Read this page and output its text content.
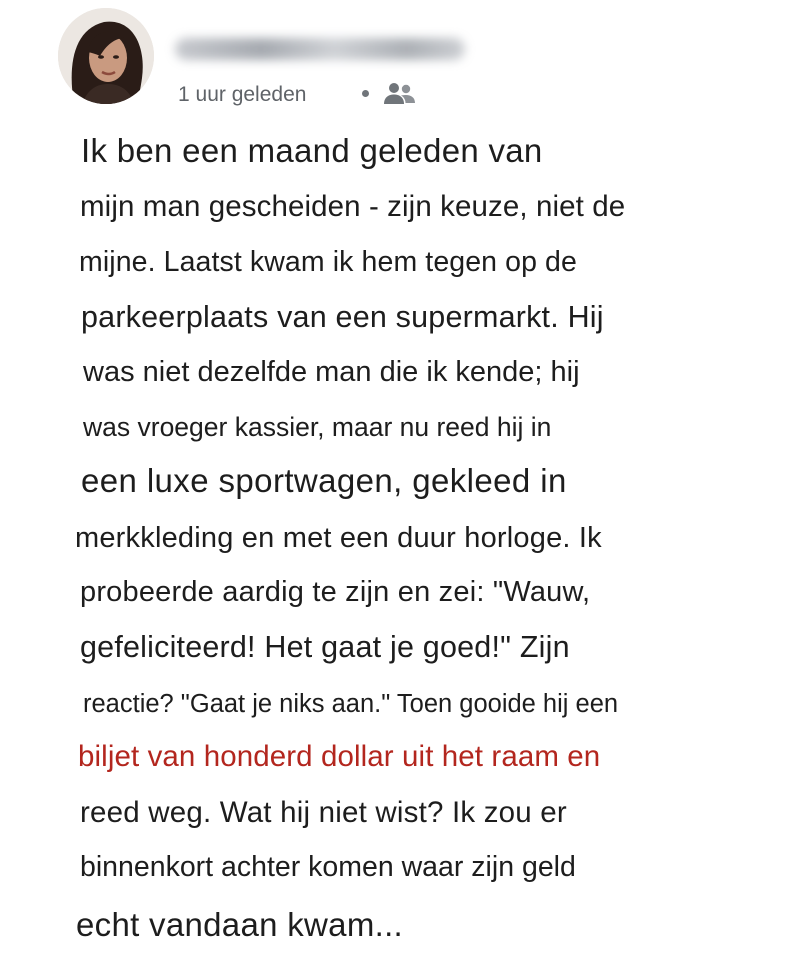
1 uur geleden
Ik ben een maand geleden van
mijn man gescheiden - zijn keuze, niet de
mijne. Laatst kwam ik hem tegen op de
parkeerplaats van een supermarkt. Hij
was niet dezelfde man die ik kende; hij
was vroeger kassier, maar nu reed hij in
een luxe sportwagen, gekleed in
merkkleding en met een duur horloge. Ik
probeerde aardig te zijn en zei: "Wauw,
gefeliciteerd! Het gaat je goed!" Zijn
reactie? "Gaat je niks aan." Toen gooide hij een
biljet van honderd dollar uit het raam en
reed weg. Wat hij niet wist? Ik zou er
binnenkort achter komen waar zijn geld
echt vandaan kwam...
